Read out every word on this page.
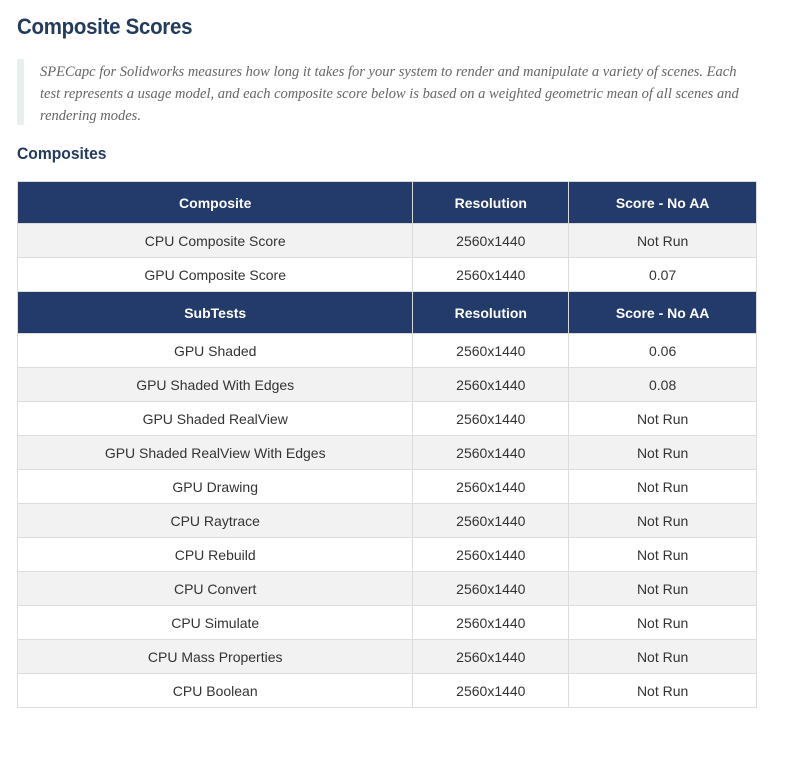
Composite Scores

SPECapc for Solidworks measures how long it takes for your system to render and manipulate a variety of scenes. Each test represents a usage model, and each composite score below is based on a weighted geometric mean of all scenes and rendering modes.

Composites
Composite	Resolution	Score - No AA
CPU Composite Score	2560x1440	Not Run
GPU Composite Score	2560x1440	0.07
SubTests	Resolution	Score - No AA
GPU Shaded	2560x1440	0.06
GPU Shaded With Edges	2560x1440	0.08
GPU Shaded RealView	2560x1440	Not Run
GPU Shaded RealView With Edges	2560x1440	Not Run
GPU Drawing	2560x1440	Not Run
CPU Raytrace	2560x1440	Not Run
CPU Rebuild	2560x1440	Not Run
CPU Convert	2560x1440	Not Run
CPU Simulate	2560x1440	Not Run
CPU Mass Properties	2560x1440	Not Run
CPU Boolean	2560x1440	Not Run
